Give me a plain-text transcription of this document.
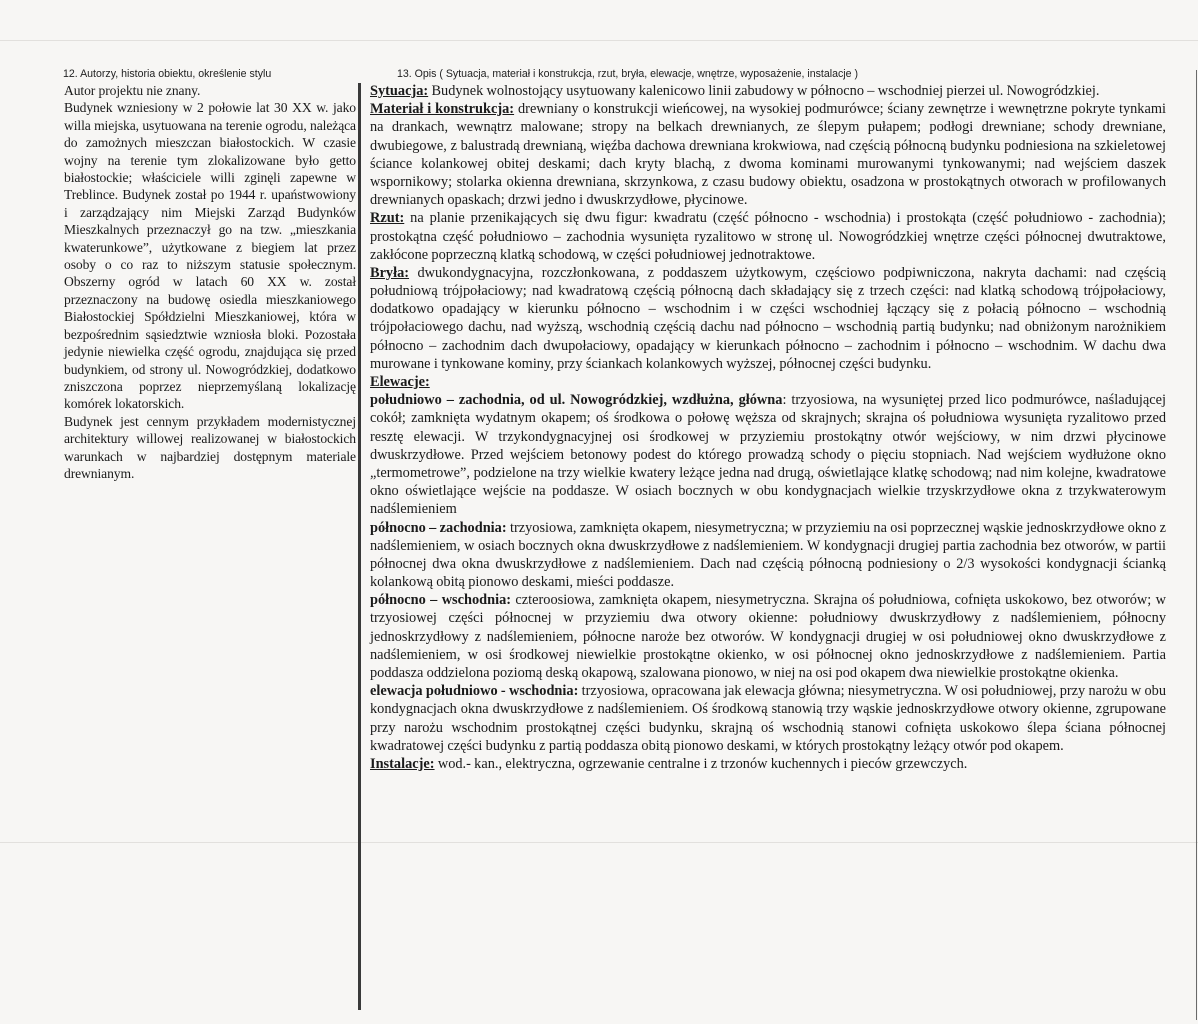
12. Autorzy, historia obiektu, określenie stylu	13. Opis ( Sytuacja, materiał i konstrukcja, rzut, bryła, elewacje, wnętrze, wyposażenie, instalacje )

Autor projektu nie znany.

Budynek wzniesiony w 2 połowie lat 30 XX w. jako willa miejska, usytuowana na terenie ogrodu, należąca do zamożnych mieszczan białostockich. W czasie wojny na terenie tym zlokalizowane było getto białostockie; właściciele willi zginęli zapewne w Treblince. Budynek został po 1944 r. upaństwowiony i zarządzający nim Miejski Zarząd Budynków Mieszkalnych przeznaczył go na tzw. „mieszkania kwaterunkowe”, użytkowane z biegiem lat przez osoby o co raz to niższym statusie społecznym. Obszerny ogród w latach 60 XX w. został przeznaczony na budowę osiedla mieszkaniowego Białostockiej Spółdzielni Mieszkaniowej, która w bezpośrednim sąsiedztwie wzniosła bloki. Pozostała jedynie niewielka część ogrodu, znajdująca się przed budynkiem, od strony ul. Nowogródzkiej, dodatkowo zniszczona poprzez nieprzemyślaną lokalizację komórek lokatorskich.

Budynek jest cennym przykładem modernistycznej architektury willowej realizowanej w białostockich warunkach w najbardziej dostępnym materiale drewnianym.

Sytuacja: Budynek wolnostojący usytuowany kalenicowo linii zabudowy w północno – wschodniej pierzei ul. Nowogródzkiej.

Materiał i konstrukcja: drewniany o konstrukcji wieńcowej, na wysokiej podmurówce; ściany zewnętrze i wewnętrzne pokryte tynkami na drankach, wewnątrz malowane; stropy na belkach drewnianych, ze ślepym pułapem; podłogi drewniane; schody drewniane, dwubiegowe, z balustradą drewnianą, więźba dachowa drewniana krokwiowa, nad częścią północną budynku podniesiona na szkieletowej ściance kolankowej obitej deskami; dach kryty blachą, z dwoma kominami murowanymi tynkowanymi; nad wejściem daszek wspornikowy; stolarka okienna drewniana, skrzynkowa, z czasu budowy obiektu, osadzona w prostokątnych otworach w profilowanych drewnianych opaskach; drzwi jedno i dwuskrzydłowe, płycinowe.

Rzut: na planie przenikających się dwu figur: kwadratu (część północno - wschodnia) i prostokąta (część południowo - zachodnia); prostokątna część południowo – zachodnia wysunięta ryzalitowo w stronę ul. Nowogródzkiej wnętrze części północnej dwutraktowe, zakłócone poprzeczną klatką schodową, w części południowej jednotraktowe.

Bryła: dwukondygnacyjna, rozczłonkowana, z poddaszem użytkowym, częściowo podpiwniczona, nakryta dachami: nad częścią południową trójpołaciowy; nad kwadratową częścią północną dach składający się z trzech części: nad klatką schodową trójpołaciowy, dodatkowo opadający w kierunku północno – wschodnim i w części wschodniej łączący się z połacią północno – wschodnią trójpołaciowego dachu, nad wyższą, wschodnią częścią dachu nad północno – wschodnią partią budynku; nad obniżonym narożnikiem północno – zachodnim dach dwupołaciowy, opadający w kierunkach północno – zachodnim i północno – wschodnim. W dachu dwa murowane i tynkowane kominy, przy ściankach kolankowych wyższej, północnej części budynku.

Elewacje:

południowo – zachodnia, od ul. Nowogródzkiej, wzdłużna, główna: trzyosiowa, na wysuniętej przed lico podmurówce, naśladującej cokół; zamknięta wydatnym okapem; oś środkowa o połowę węższa od skrajnych; skrajna oś południowa wysunięta ryzalitowo przed resztę elewacji. W trzykondygnacyjnej osi środkowej w przyziemiu prostokątny otwór wejściowy, w nim drzwi płycinowe dwuskrzydłowe. Przed wejściem betonowy podest do którego prowadzą schody o pięciu stopniach. Nad wejściem wydłużone okno „termometrowe”, podzielone na trzy wielkie kwatery leżące jedna nad drugą, oświetlające klatkę schodową; nad nim kolejne, kwadratowe okno oświetlające wejście na poddasze. W osiach bocznych w obu kondygnacjach wielkie trzyskrzydłowe okna z trzykwaterowym nadślemieniem

północno – zachodnia: trzyosiowa, zamknięta okapem, niesymetryczna; w przyziemiu na osi poprzecznej wąskie jednoskrzydłowe okno z nadślemieniem, w osiach bocznych okna dwuskrzydłowe z nadślemieniem. W kondygnacji drugiej partia zachodnia bez otworów, w partii północnej dwa okna dwuskrzydłowe z nadślemieniem. Dach nad częścią północną podniesiony o 2/3 wysokości kondygnacji ścianką kolankową obitą pionowo deskami, mieści poddasze.

północno – wschodnia: czteroosiowa, zamknięta okapem, niesymetryczna. Skrajna oś południowa, cofnięta uskokowo, bez otworów; w trzyosiowej części północnej w przyziemiu dwa otwory okienne: południowy dwuskrzydłowy z nadślemieniem, północny jednoskrzydłowy z nadślemieniem, północne naroże bez otworów. W kondygnacji drugiej w osi południowej okno dwuskrzydłowe z nadślemieniem, w osi środkowej niewielkie prostokątne okienko, w osi północnej okno jednoskrzydłowe z nadślemieniem. Partia poddasza oddzielona poziomą deską okapową, szalowana pionowo, w niej na osi pod okapem dwa niewielkie prostokątne okienka.

elewacja południowo - wschodnia: trzyosiowa, opracowana jak elewacja główna; niesymetryczna. W osi południowej, przy narożu w obu kondygnacjach okna dwuskrzydłowe z nadślemieniem. Oś środkową stanowią trzy wąskie jednoskrzydłowe otwory okienne, zgrupowane przy narożu wschodnim prostokątnej części budynku, skrajną oś wschodnią stanowi cofnięta uskokowo ślepa ściana północnej kwadratowej części budynku z partią poddasza obitą pionowo deskami, w których prostokątny leżący otwór pod okapem.

Instalacje: wod.- kan., elektryczna, ogrzewanie centralne i z trzonów kuchennych i pieców grzewczych.
